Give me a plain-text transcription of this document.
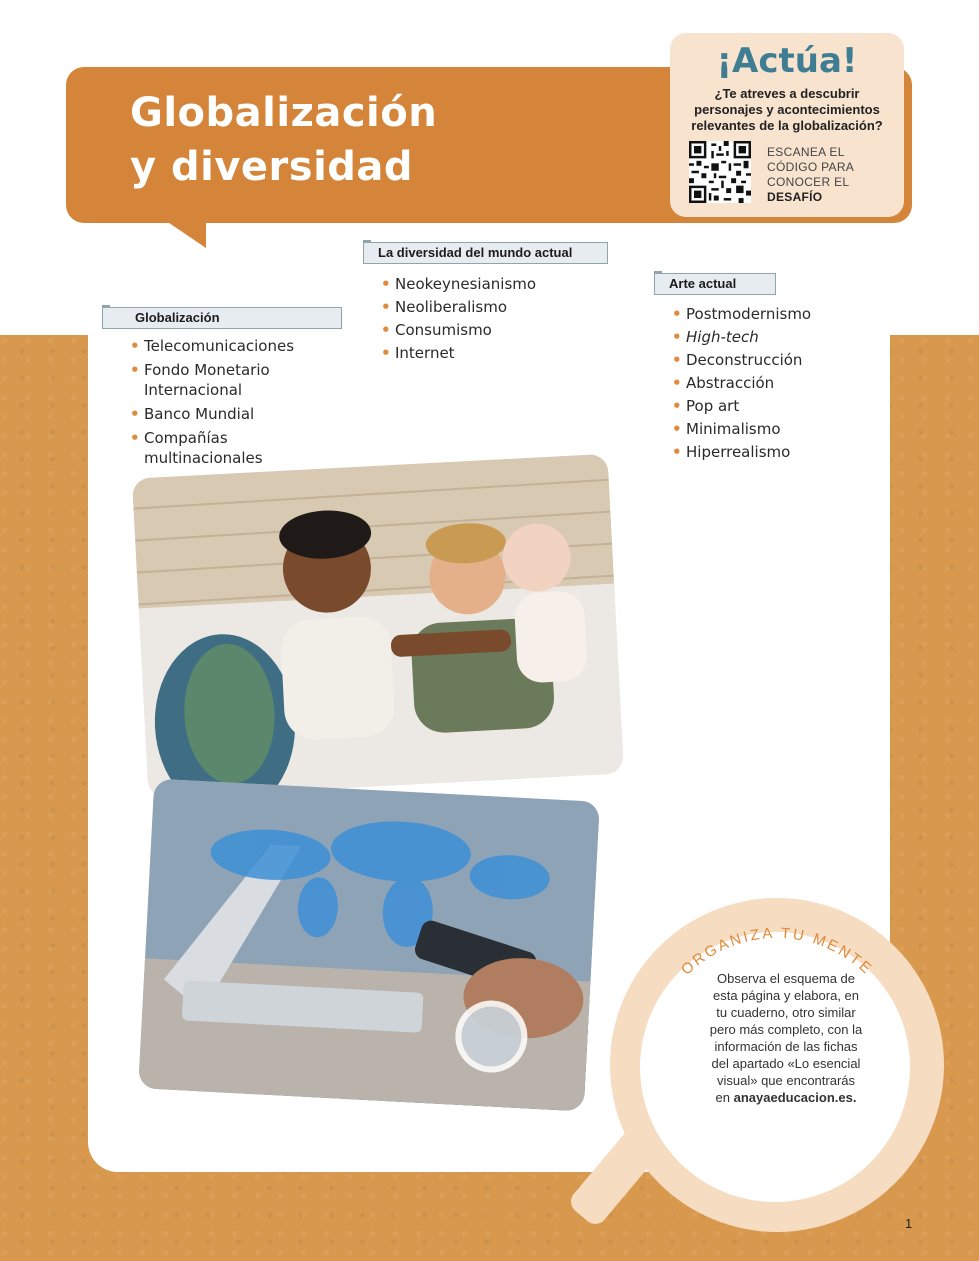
Globalización
y diversidad
¡Actúa!
¿Te atreves a descubrir
personajes y acontecimientos
relevantes de la globalización?
ESCANEA EL
CÓDIGO PARA
CONOCER EL
DESAFÍO
Globalización
• Telecomunicaciones
• Fondo Monetario
Internacional
• Banco Mundial
• Compañías
multinacionales
La diversidad del mundo actual
• Neokeynesianismo
• Neoliberalismo
• Consumismo
• Internet
Arte actual
• Postmodernismo
• High-tech
• Deconstrucción
• Abstracción
• Pop art
• Minimalismo
• Hiperrealismo
ORGANIZA TU MENTE
Observa el esquema de
esta página y elabora, en
tu cuaderno, otro similar
pero más completo, con la
información de las fichas
del apartado «Lo esencial
visual» que encontrarás
en anayaeducacion.es.
1
